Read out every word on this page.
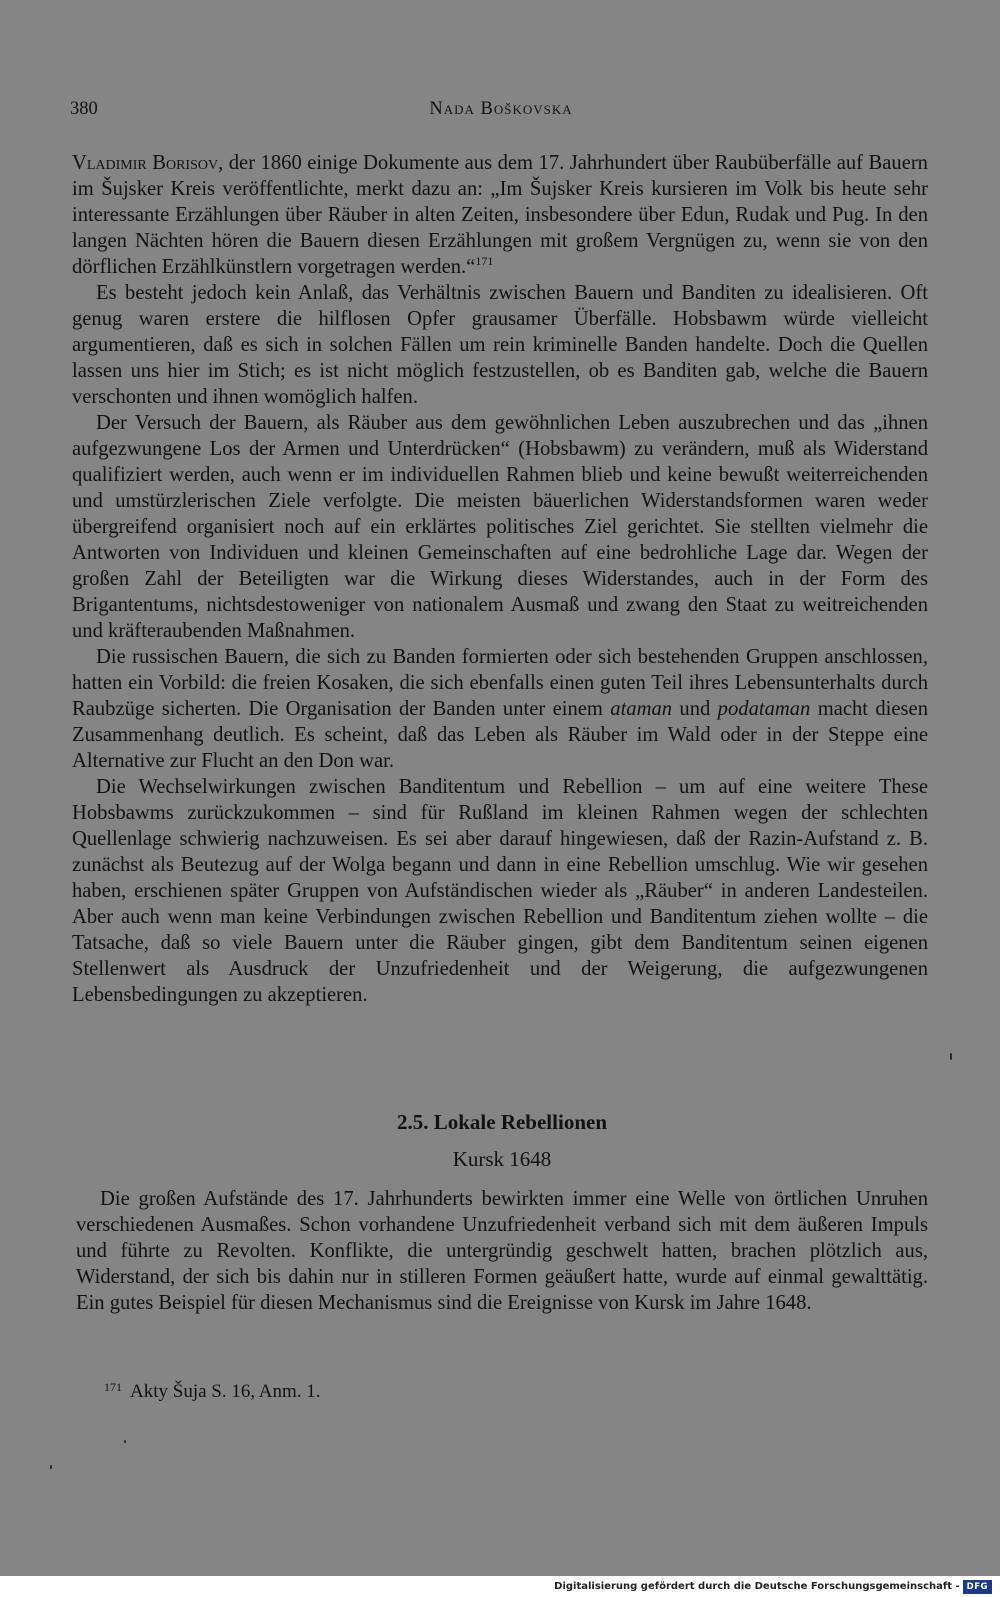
380	Nada Boškovska

Vladimir Borisov, der 1860 einige Dokumente aus dem 17. Jahrhundert über Raubüberfälle auf Bauern im Šujsker Kreis veröffentlichte, merkt dazu an: „Im Šujsker Kreis kursieren im Volk bis heute sehr interessante Erzählungen über Räuber in alten Zeiten, insbesondere über Edun, Rudak und Pug. In den langen Nächten hören die Bauern diesen Erzählungen mit großem Vergnügen zu, wenn sie von den dörflichen Erzählkünstlern vorgetragen werden.“$^{171}$

Es besteht jedoch kein Anlaß, das Verhältnis zwischen Bauern und Banditen zu idealisieren. Oft genug waren erstere die hilflosen Opfer grausamer Überfälle. Hobsbawm würde vielleicht argumentieren, daß es sich in solchen Fällen um rein kriminelle Banden handelte. Doch die Quellen lassen uns hier im Stich; es ist nicht möglich festzustellen, ob es Banditen gab, welche die Bauern verschonten und ihnen womöglich halfen.

Der Versuch der Bauern, als Räuber aus dem gewöhnlichen Leben auszubrechen und das „ihnen aufgezwungene Los der Armen und Unterdrücken“ (Hobsbawm) zu verändern, muß als Widerstand qualifiziert werden, auch wenn er im individuellen Rahmen blieb und keine bewußt weiterreichenden und umstürzlerischen Ziele verfolgte. Die meisten bäuerlichen Widerstandsformen waren weder übergreifend organisiert noch auf ein erklärtes politisches Ziel gerichtet. Sie stellten vielmehr die Antworten von Individuen und kleinen Gemeinschaften auf eine bedrohliche Lage dar. Wegen der großen Zahl der Beteiligten war die Wirkung dieses Widerstandes, auch in der Form des Brigantentums, nichtsdestoweniger von nationalem Ausmaß und zwang den Staat zu weitreichenden und kräfteraubenden Maßnahmen.

Die russischen Bauern, die sich zu Banden formierten oder sich bestehenden Gruppen anschlossen, hatten ein Vorbild: die freien Kosaken, die sich ebenfalls einen guten Teil ihres Lebensunterhalts durch Raubzüge sicherten. Die Organisation der Banden unter einem ataman und podataman macht diesen Zusammenhang deutlich. Es scheint, daß das Leben als Räuber im Wald oder in der Steppe eine Alternative zur Flucht an den Don war.

Die Wechselwirkungen zwischen Banditentum und Rebellion – um auf eine weitere These Hobsbawms zurückzukommen – sind für Rußland im kleinen Rahmen wegen der schlechten Quellenlage schwierig nachzuweisen. Es sei aber darauf hingewiesen, daß der Razin-Aufstand z. B. zunächst als Beutezug auf der Wolga begann und dann in eine Rebellion umschlug. Wie wir gesehen haben, erschienen später Gruppen von Aufständischen wieder als „Räuber“ in anderen Landesteilen. Aber auch wenn man keine Verbindungen zwischen Rebellion und Banditentum ziehen wollte – die Tatsache, daß so viele Bauern unter die Räuber gingen, gibt dem Banditentum seinen eigenen Stellenwert als Ausdruck der Unzufriedenheit und der Weigerung, die aufgezwungenen Lebensbedingungen zu akzeptieren.

2.5. Lokale Rebellionen
Kursk 1648

Die großen Aufstände des 17. Jahrhunderts bewirkten immer eine Welle von örtlichen Unruhen verschiedenen Ausmaßes. Schon vorhandene Unzufriedenheit verband sich mit dem äußeren Impuls und führte zu Revolten. Konflikte, die untergründig geschwelt hatten, brachen plötzlich aus, Widerstand, der sich bis dahin nur in stilleren Formen geäußert hatte, wurde auf einmal gewalttätig. Ein gutes Beispiel für diesen Mechanismus sind die Ereignisse von Kursk im Jahre 1648.

$^{171}$ Akty Šuja S. 16, Anm. 1.
Digitalisierung gefördert durch die Deutsche Forschungsgemeinschaft - DFG
